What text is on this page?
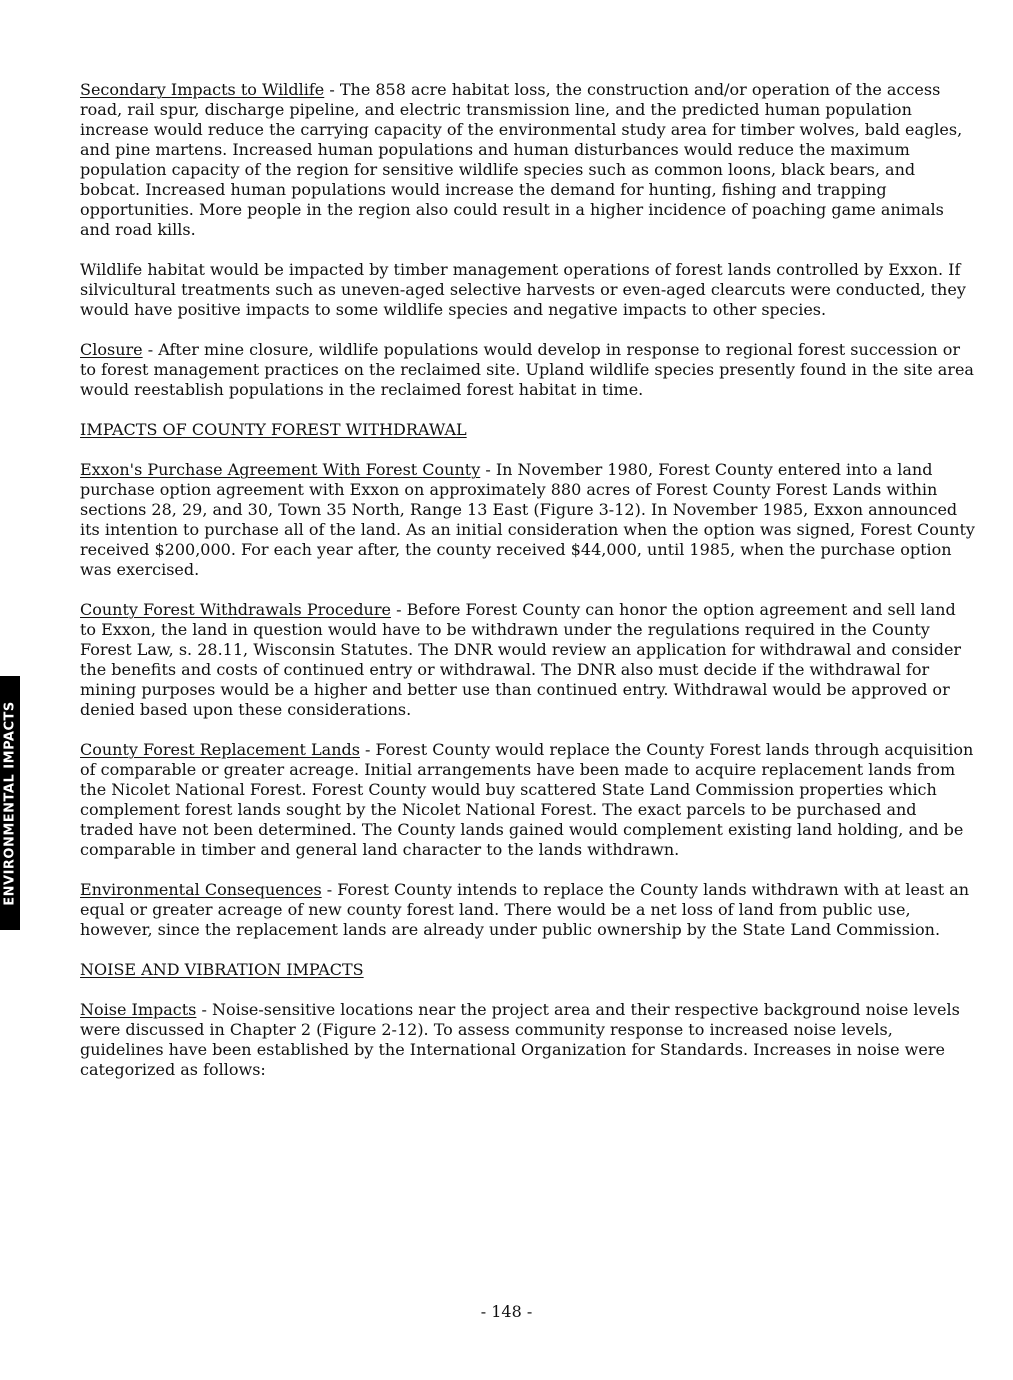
ENVIRONMENTAL IMPACTS

Secondary Impacts to Wildlife - The 858 acre habitat loss, the construction and/or operation of the access road, rail spur, discharge pipeline, and electric transmission line, and the predicted human population increase would reduce the carrying capacity of the environmental study area for timber wolves, bald eagles, and pine martens. Increased human populations and human disturbances would reduce the maximum population capacity of the region for sensitive wildlife species such as common loons, black bears, and bobcat. Increased human populations would increase the demand for hunting, fishing and trapping opportunities. More people in the region also could result in a higher incidence of poaching game animals and road kills.

Wildlife habitat would be impacted by timber management operations of forest lands controlled by Exxon. If silvicultural treatments such as uneven-aged selective harvests or even-aged clearcuts were conducted, they would have positive impacts to some wildlife species and negative impacts to other species.

Closure - After mine closure, wildlife populations would develop in response to regional forest succession or to forest management practices on the reclaimed site. Upland wildlife species presently found in the site area would reestablish populations in the reclaimed forest habitat in time.

IMPACTS OF COUNTY FOREST WITHDRAWAL

Exxon's Purchase Agreement With Forest County - In November 1980, Forest County entered into a land purchase option agreement with Exxon on approximately 880 acres of Forest County Forest Lands within sections 28, 29, and 30, Town 35 North, Range 13 East (Figure 3-12). In November 1985, Exxon announced its intention to purchase all of the land. As an initial consideration when the option was signed, Forest County received $200,000. For each year after, the county received $44,000, until 1985, when the purchase option was exercised.

County Forest Withdrawals Procedure - Before Forest County can honor the option agreement and sell land to Exxon, the land in question would have to be withdrawn under the regulations required in the County Forest Law, s. 28.11, Wisconsin Statutes. The DNR would review an application for withdrawal and consider the benefits and costs of continued entry or withdrawal. The DNR also must decide if the withdrawal for mining purposes would be a higher and better use than continued entry. Withdrawal would be approved or denied based upon these considerations.

County Forest Replacement Lands - Forest County would replace the County Forest lands through acquisition of comparable or greater acreage. Initial arrangements have been made to acquire replacement lands from the Nicolet National Forest. Forest County would buy scattered State Land Commission properties which complement forest lands sought by the Nicolet National Forest. The exact parcels to be purchased and traded have not been determined. The County lands gained would complement existing land holding, and be comparable in timber and general land character to the lands withdrawn.

Environmental Consequences - Forest County intends to replace the County lands withdrawn with at least an equal or greater acreage of new county forest land. There would be a net loss of land from public use, however, since the replacement lands are already under public ownership by the State Land Commission.

NOISE AND VIBRATION IMPACTS

Noise Impacts - Noise-sensitive locations near the project area and their respective background noise levels were discussed in Chapter 2 (Figure 2-12). To assess community response to increased noise levels, guidelines have been established by the International Organization for Standards. Increases in noise were categorized as follows:

- 148 -
